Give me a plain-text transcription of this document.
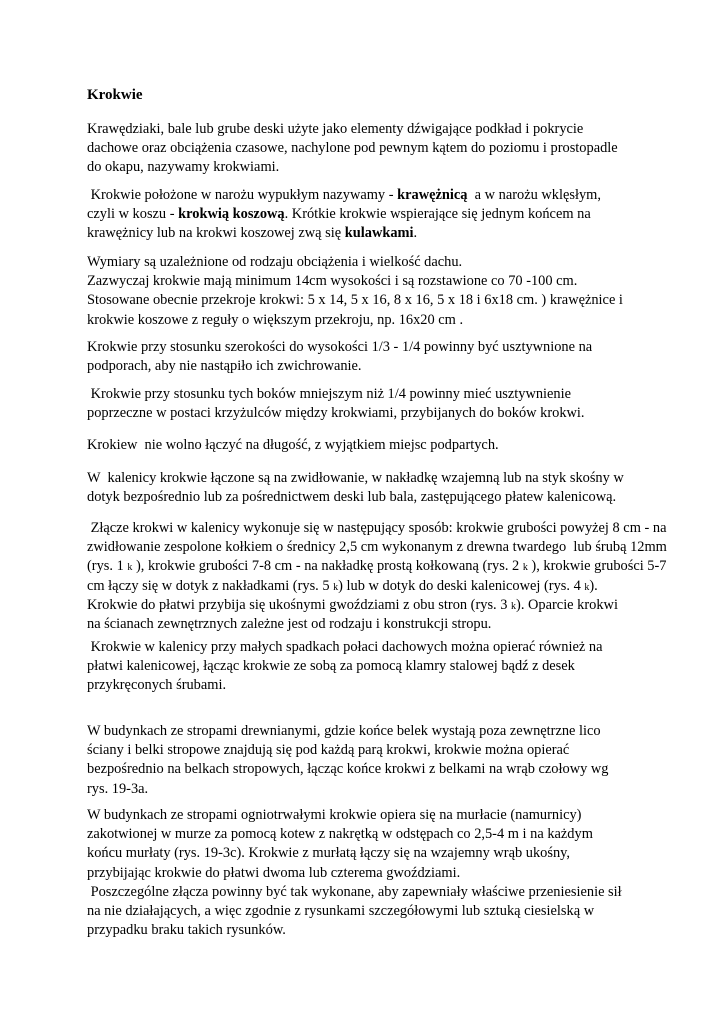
Krokwie

Krawędziaki, bale lub grube deski użyte jako elementy dźwigające podkład i pokrycie
dachowe oraz obciążenia czasowe, nachylone pod pewnym kątem do poziomu i prostopadle
do okapu, nazywamy krokwiami.

Krokwie położone w narożu wypukłym nazywamy - krawężnicą  a w narożu wklęsłym,
czyli w koszu - krokwią koszową. Krótkie krokwie wspierające się jednym końcem na
krawężnicy lub na krokwi koszowej zwą się kulawkami.

Wymiary są uzależnione od rodzaju obciążenia i wielkość dachu.
Zazwyczaj krokwie mają minimum 14cm wysokości i są rozstawione co 70 -100 cm.
Stosowane obecnie przekroje krokwi: 5 x 14, 5 x 16, 8 x 16, 5 x 18 i 6x18 cm. ) krawężnice i
krokwie koszowe z reguły o większym przekroju, np. 16x20 cm .

Krokwie przy stosunku szerokości do wysokości 1/3 - 1/4 powinny być usztywnione na
podporach, aby nie nastąpiło ich zwichrowanie.

Krokwie przy stosunku tych boków mniejszym niż 1/4 powinny mieć usztywnienie
poprzeczne w postaci krzyżulców między krokwiami, przybijanych do boków krokwi.

Krokiew  nie wolno łączyć na długość, z wyjątkiem miejsc podpartych.

W  kalenicy krokwie łączone są na zwidłowanie, w nakładkę wzajemną lub na styk skośny w
dotyk bezpośrednio lub za pośrednictwem deski lub bala, zastępującego płatew kalenicową.

Złącze krokwi w kalenicy wykonuje się w następujący sposób: krokwie grubości powyżej 8 cm - na
zwidłowanie zespolone kołkiem o średnicy 2,5 cm wykonanym z drewna twardego  lub śrubą 12mm
(rys. 1 k ), krokwie grubości 7-8 cm - na nakładkę prostą kołkowaną (rys. 2 k ), krokwie grubości 5-7
cm łączy się w dotyk z nakładkami (rys. 5 k) lub w dotyk do deski kalenicowej (rys. 4 k).
Krokwie do płatwi przybija się ukośnymi gwoździami z obu stron (rys. 3 k). Oparcie krokwi
na ścianach zewnętrznych zależne jest od rodzaju i konstrukcji stropu.

Krokwie w kalenicy przy małych spadkach połaci dachowych można opierać również na
płatwi kalenicowej, łącząc krokwie ze sobą za pomocą klamry stalowej bądź z desek
przykręconych śrubami.

W budynkach ze stropami drewnianymi, gdzie końce belek wystają poza zewnętrzne lico
ściany i belki stropowe znajdują się pod każdą parą krokwi, krokwie można opierać
bezpośrednio na belkach stropowych, łącząc końce krokwi z belkami na wrąb czołowy wg
rys. 19-3a.

W budynkach ze stropami ogniotrwałymi krokwie opiera się na murłacie (namurnicy)
zakotwionej w murze za pomocą kotew z nakrętką w odstępach co 2,5-4 m i na każdym
końcu murłaty (rys. 19-3c). Krokwie z murłatą łączy się na wzajemny wrąb ukośny,
przybijając krokwie do płatwi dwoma lub czterema gwoździami.
Poszczególne złącza powinny być tak wykonane, aby zapewniały właściwe przeniesienie sił
na nie działających, a więc zgodnie z rysunkami szczegółowymi lub sztuką ciesielską w
przypadku braku takich rysunków.
